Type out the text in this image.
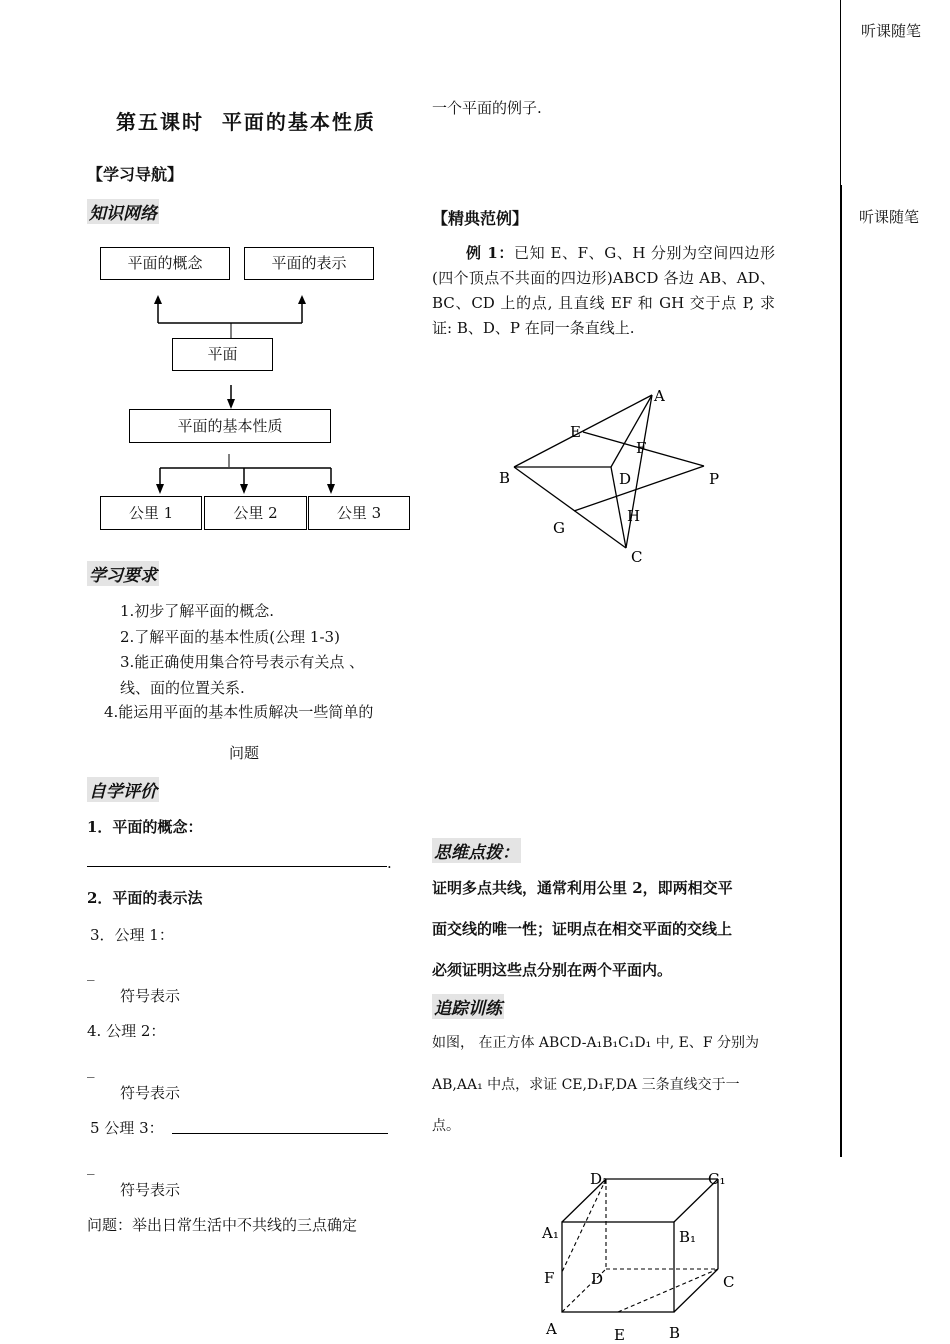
听课随笔
听课随笔
第五课时  平面的基本性质
【学习导航】
知识网络
平面的概念	平面的表示
平面
平面的基本性质
公里 1	公里 2	公里 3
学习要求
1.初步了解平面的概念.
2.了解平面的基本性质(公理 1-3)
3.能正确使用集合符号表示有关点 、
线、面的位置关系.
4.能运用平面的基本性质解决一些简单的
问题
自学评价
1．平面的概念：
.
2．平面的表示法
3．公理 1：
_
符号表示
4. 公理 2：
_
符号表示
5 公理 3：
_
符号表示
问题：举出日常生活中不共线的三点确定
一个平面的例子.
【精典范例】
例 1：已知 E、F、G、H 分别为空间四边形(四个顶点不共面的四边形)ABCD 各边 AB、AD、BC、CD 上的点, 且直线 EF 和 GH 交于点 P, 求证: B、D、P 在同一条直线上.
A
E
F
B	D	P
H
G
C
思维点拨：
证明多点共线，通常利用公里 2，即两相交平
面交线的唯一性；证明点在相交平面的交线上
必须证明这些点分别在两个平面内。
追踪训练
如图， 在正方体 ABCD-A₁B₁C₁D₁ 中, E、F 分别为
AB,AA₁ 中点，求证 CE,D₁F,DA 三条直线交于一
点。
D₁	C₁
A₁	B₁
F D	C
A	E	B
